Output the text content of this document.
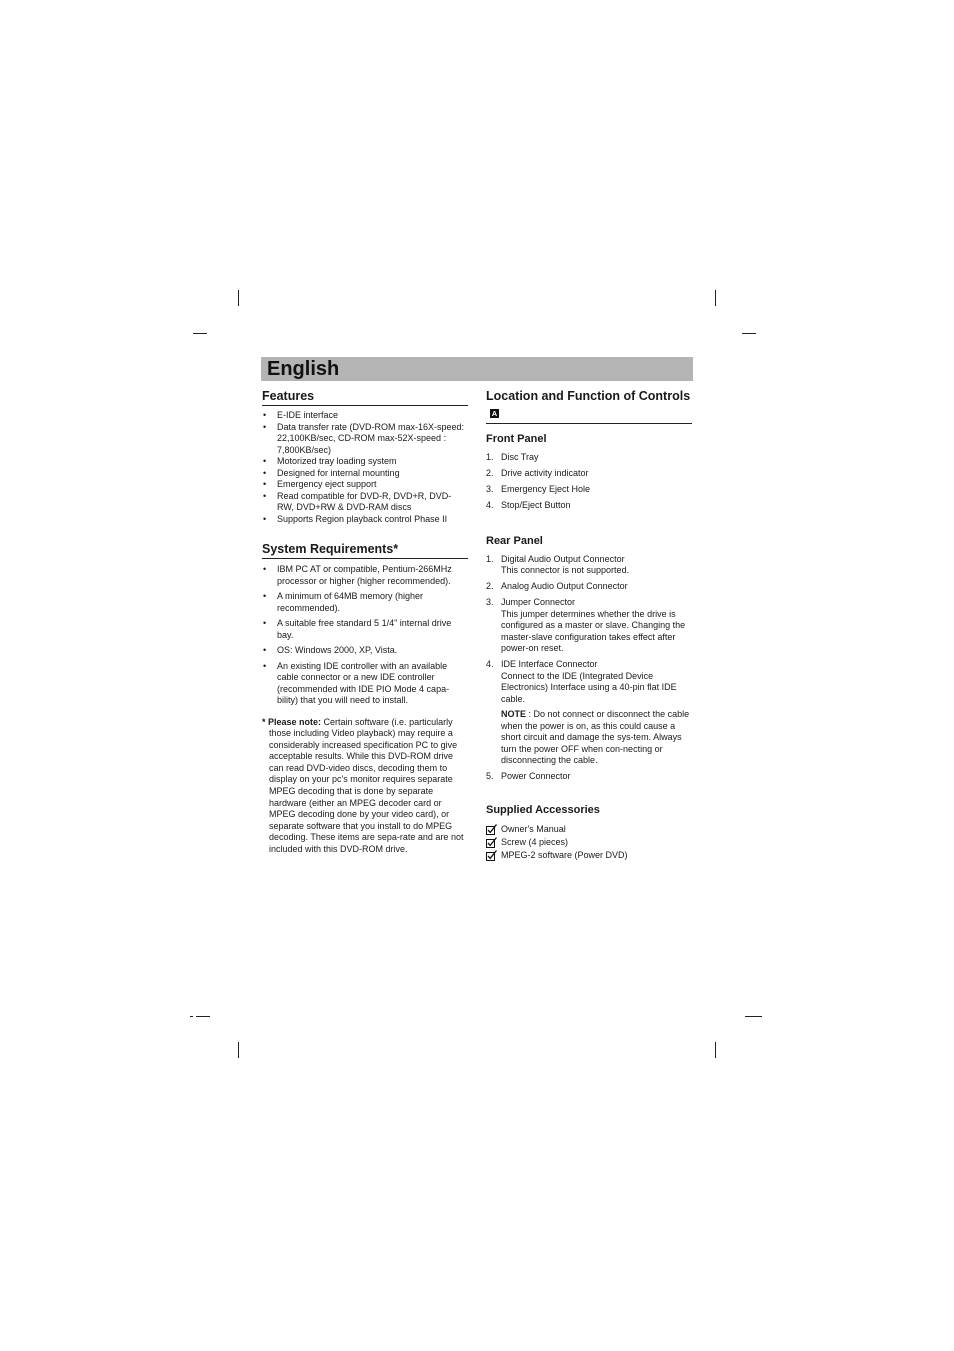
English
Features
• E-IDE interface
• Data transfer rate (DVD-ROM max-16X-speed: 22,100KB/sec, CD-ROM max-52X-speed : 7,800KB/sec)
• Motorized tray loading system
• Designed for internal mounting
• Emergency eject support
• Read compatible for DVD-R, DVD+R, DVD-RW, DVD+RW & DVD-RAM discs
• Supports Region playback control Phase II
System Requirements*
• IBM PC AT or compatible, Pentium-266MHz processor or higher (higher recommended).
• A minimum of 64MB memory (higher recommended).
• A suitable free standard 5 1/4" internal drive bay.
• OS: Windows 2000, XP, Vista.
• An existing IDE controller with an available cable connector or a new IDE controller (recommended with IDE PIO Mode 4 capa-bility) that you will need to install.
* Please note: Certain software (i.e. particularly those including Video playback) may require a considerably increased specification PC to give acceptable results. While this DVD-ROM drive can read DVD-video discs, decoding them to display on your pc's monitor requires separate MPEG decoding that is done by separate hardware (either an MPEG decoder card or MPEG decoding done by your video card), or separate software that you install to do MPEG decoding. These items are sepa-rate and are not included with this DVD-ROM drive.
Location and Function of ControlsA
Front Panel
1. Disc Tray
2. Drive activity indicator
3. Emergency Eject Hole
4. Stop/Eject Button
Rear Panel
1. Digital Audio Output Connector
This connector is not supported.
2. Analog Audio Output Connector
3. Jumper Connector
This jumper determines whether the drive is configured as a master or slave. Changing the master-slave configuration takes effect after power-on reset.
4. IDE Interface Connector
Connect to the IDE (Integrated Device Electronics) Interface using a 40-pin flat IDE cable.
NOTE : Do not connect or disconnect the cable when the power is on, as this could cause a short circuit and damage the sys-tem. Always turn the power OFF when con-necting or disconnecting the cable.
5. Power Connector
Supplied Accessories
Owner's Manual
Screw (4 pieces)
MPEG-2 software (Power DVD)
